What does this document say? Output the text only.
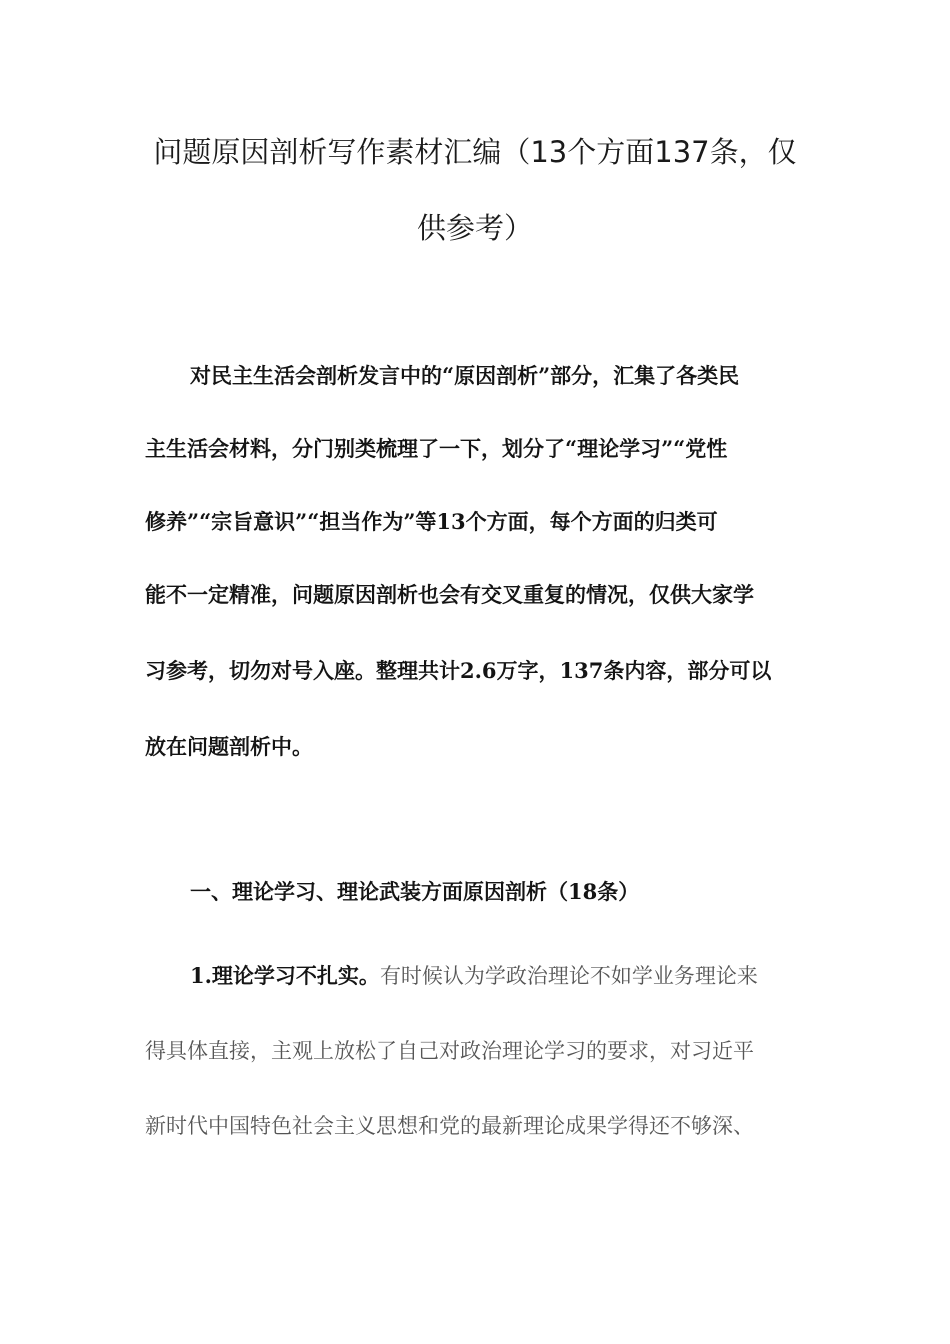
问题原因剖析写作素材汇编（13个方面137条，仅
供参考）
对民主生活会剖析发言中的“原因剖析”部分，汇集了各类民
主生活会材料，分门别类梳理了一下，划分了“理论学习”“党性
修养”“宗旨意识”“担当作为”等13个方面，每个方面的归类可
能不一定精准，问题原因剖析也会有交叉重复的情况，仅供大家学
习参考，切勿对号入座。整理共计2.6万字，137条内容，部分可以
放在问题剖析中。
一、理论学习、理论武装方面原因剖析（18条）
1.理论学习不扎实。有时候认为学政治理论不如学业务理论来
得具体直接，主观上放松了自己对政治理论学习的要求，对习近平
新时代中国特色社会主义思想和党的最新理论成果学得还不够深、
